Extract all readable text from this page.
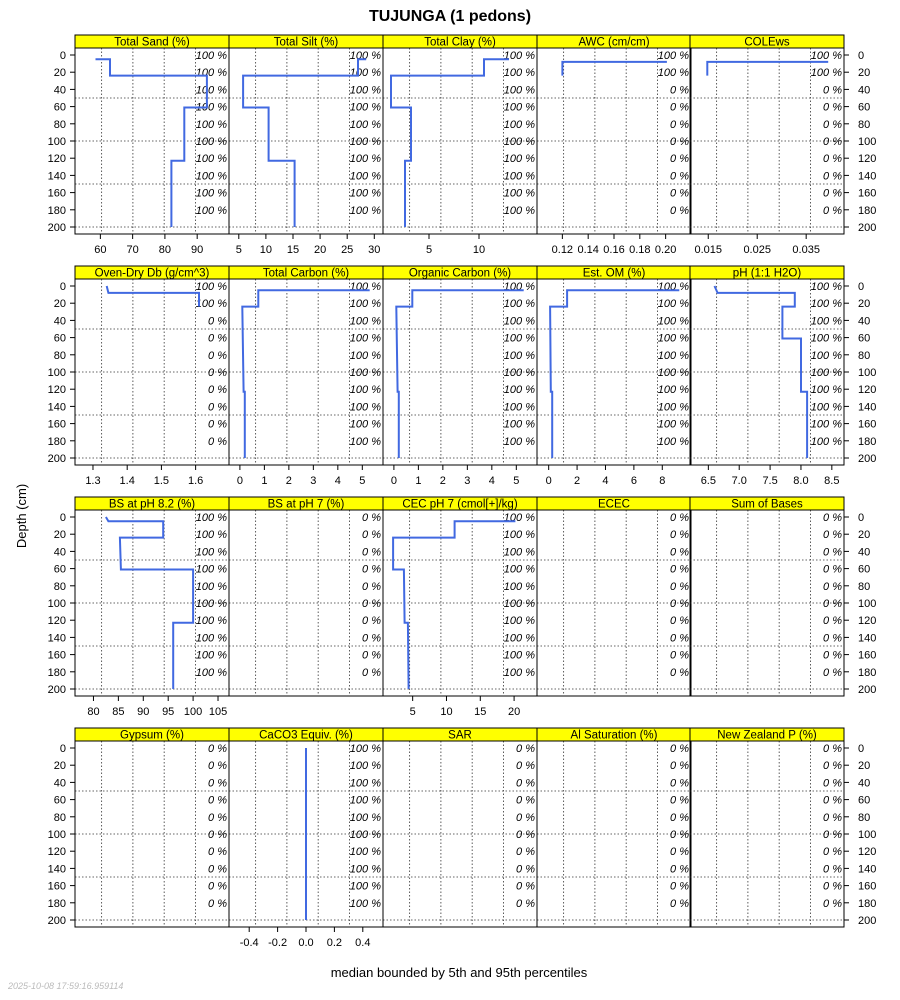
TUJUNGA (1 pedons)
Total Sand (%)
100 %
100 %
100 %
100 %
100 %
100 %
100 %
100 %
100 %
100 %
60 70 80 90
Total Silt (%)
100 %
100 %
100 %
100 %
100 %
100 %
100 %
100 %
100 %
100 %
5 10 15 20 25 30
Total Clay (%)
100 %
100 %
100 %
100 %
100 %
100 %
100 %
100 %
100 %
100 %
5	10
AWC (cm/cm)
100 %
100 %
0 %
0 %
0 %
0 %
0 %
0 %
0 %
0 %
0.12 0.14 0.16 0.18 0.20
COLEws
100 %
100 %
0 %
0 %
0 %
0 %
0 %
0 %
0 %
0 %
0.015 0.025 0.035
Oven-Dry Db (g/cm^3)
100 %
100 %
0 %
0 %
0 %
0 %
0 %
0 %
0 %
0 %
1.3 1.4 1.5 1.6
Total Carbon (%)
100 %
100 %
100 %
100 %
100 %
100 %
100 %
100 %
100 %
100 %
0 1 2 3 4 5
Organic Carbon (%)
100 %
100 %
100 %
100 %
100 %
100 %
100 %
100 %
100 %
100 %
0 1 2 3 4 5
Est. OM (%)
100 %
100 %
100 %
100 %
100 %
100 %
100 %
100 %
100 %
100 %
0 2 4 6 8
pH (1:1 H2O)
100 %
100 %
100 %
100 %
100 %
100 %
100 %
100 %
100 %
100 %
6.5 7.0 7.5 8.0 8.5
BS at pH 8.2 (%)
100 %
100 %
100 %
100 %
100 %
100 %
100 %
100 %
100 %
100 %
80 85 90 95 100 105
BS at pH 7 (%)
0 %
0 %
0 %
0 %
0 %
0 %
0 %
0 %
0 %
0 %
CEC pH 7 (cmol[+]/kg)
100 %
100 %
100 %
100 %
100 %
100 %
100 %
100 %
100 %
100 %
5 10 15 20
ECEC
0 %
0 %
0 %
0 %
0 %
0 %
0 %
0 %
0 %
0 %
Sum of Bases
0 %
0 %
0 %
0 %
0 %
0 %
0 %
0 %
0 %
0 %
Gypsum (%)
0 %
0 %
0 %
0 %
0 %
0 %
0 %
0 %
0 %
0 %
CaCO3 Equiv. (%)
100 %
100 %
100 %
100 %
100 %
100 %
100 %
100 %
100 %
100 %
-0.4 -0.2 0.0 0.2 0.4
SAR
0 %
0 %
0 %
0 %
0 %
0 %
0 %
0 %
0 %
0 %
Al Saturation (%)
0 %
0 %
0 %
0 %
0 %
0 %
0 %
0 %
0 %
0 %
New Zealand P (%)
0 %
0 %
0 %
0 %
0 %
0 %
0 %
0 %
0 %
0 %
0	0
20	20
40	40
60	60
80	80
100	100
120	120
140	140
160	160
180	180
200	200
0	0
20	20
40	40
60	60
80	80
100	100
120	120
140	140
160	160
180	180
200	200
0	0
20	20
40	40
60	60
80	80
100	100
120	120
140	140
160	160
180	180
200	200
0	0
20	20
40	40
60	60
80	80
100	100
120	120
140	140
160	160
180	180
200	200
Depth (cm)
median bounded by 5th and 95th percentiles
2025-10-08 17:59:16.959114
